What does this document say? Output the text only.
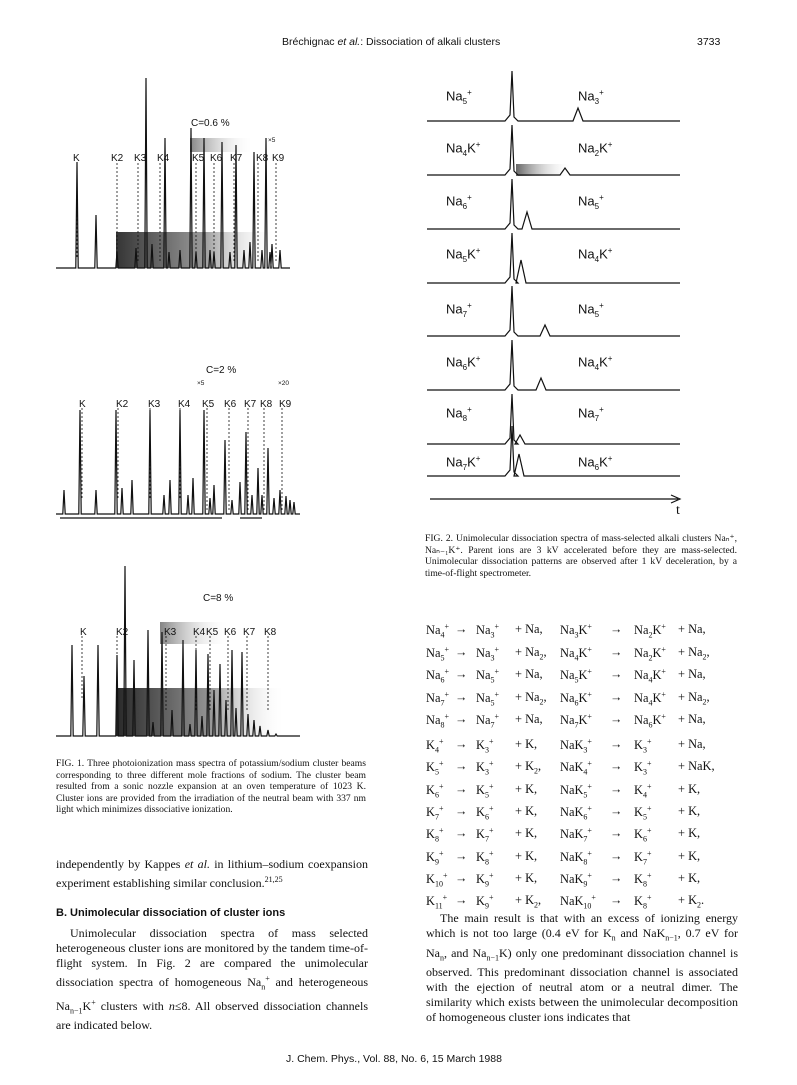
Bréchignac et al.: Dissociation of alkali clusters	3733
C=0.6 %
×5
K	K2 K3 K4 K5 K6 K7 K8 K9
C=2 %
×5	×20
K	K2 K3 K4 K5 K6 K7 K8 K9
C=8 %
K	K2	K3 K4 K5 K6 K7 K8
FIG. 1. Three photoionization mass spectra of potassium/sodium cluster beams corresponding to three different mole fractions of sodium. The cluster beam resulted from a sonic nozzle expansion at an oven temperature of 1023 K. Cluster ions are provided from the irradiation of the neutral beam with 337 nm light which minimizes dissociative ionization.
t
$Na_5^+$	$Na_3^+$
$Na_4K^+$	$Na_2K^+$
$Na_6^+$	$Na_5^+$
$Na_5K^+$	$Na_4K^+$
$Na_7^+$	$Na_5^+$
$Na_6K^+$	$Na_4K^+$
$Na_8^+$	$Na_7^+$
$Na_7K^+$	$Na_6K^+$
FIG. 2. Unimolecular dissociation spectra of mass-selected alkali clusters Naₙ⁺, Naₙ₋₁K⁺. Parent ions are 3 kV accelerated before they are mass-selected. Unimolecular dissociation patterns are observed after 1 kV deceleration, by a time-of-flight spectrometer.
independently by Kappes et al. in lithium–sodium coexpansion experiment establishing similar conclusion.$^{21,25}$
B. Unimolecular dissociation of cluster ions
Unimolecular dissociation spectra of mass selected heterogeneous cluster ions are monitored by the tandem time-of-flight system. In Fig. 2 are compared the unimolecular dissociation spectra of homogeneous $Na_n^+$ and heterogeneous $Na_{n-1}K^+$ clusters with n≤8. All observed dissociation channels are indicated below.
$Na_4^+ \to Na_3^+ + Na$, $Na_3K^+ \to Na_2K^+ + Na$,
$Na_5^+ \to Na_3^+ + Na_2$, $Na_4K^+ \to Na_2K^+ + Na_2$,
$Na_6^+ \to Na_5^+ + Na$, $Na_5K^+ \to Na_4K^+ + Na$,
$Na_7^+ \to Na_5^+ + Na_2$, $Na_6K^+ \to Na_4K^+ + Na_2$,
$Na_8^+ \to Na_7^+ + Na$, $Na_7K^+ \to Na_6K^+ + Na$,
$K_4^+ \to K_3^+ + K$, $NaK_3^+ \to K_3^+ + Na$,
$K_5^+ \to K_3^+ + K_2$, $NaK_4^+ \to K_3^+$ + NaK,
$K_6^+ \to K_5^+ + K$, $NaK_5^+ \to K_4^+ + K$,
$K_7^+ \to K_6^+ + K$, $NaK_6^+ \to K_5^+ + K$,
$K_8^+ \to K_7^+ + K$, $NaK_7^+ \to K_6^+ + K$,
$K_9^+ \to K_8^+ + K$, $NaK_8^+ \to K_7^+ + K$,
$K_{10}^+ \to K_9^+ + K$, $NaK_9^+ \to K_8^+ + K$,
$K_{11}^+ \to K_9^+ + K_2$, $NaK_{10}^+ \to K_8^+ + K_2$.
The main result is that with an excess of ionizing energy which is not too large (0.4 eV for $K_n$ and NaK$_{n-1}$, 0.7 eV for $Na_n$, and $Na_{n-1}K$) only one predominant dissociation channel is observed. This predominant dissociation channel is associated with the ejection of neutral atom or a neutral dimer. The similarity which exists between the unimolecular decomposition of homogeneous cluster ions indicates that
J. Chem. Phys., Vol. 88, No. 6, 15 March 1988
